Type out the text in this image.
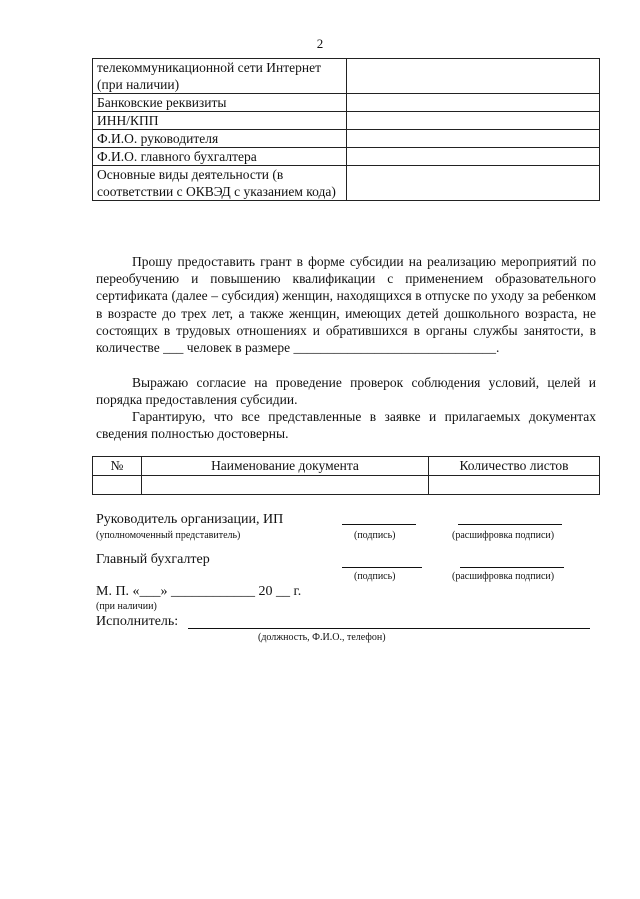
2
телекоммуникационной сети Интернет (при наличии)	
Банковские реквизиты	
ИНН/КПП	
Ф.И.О. руководителя	
Ф.И.О. главного бухгалтера	
Основные виды деятельности (в соответствии с ОКВЭД с указанием кода)	
Прошу предоставить грант в форме субсидии на реализацию мероприятий по переобучению и повышению квалификации с применением образовательного сертификата (далее – субсидия) женщин, находящихся в отпуске по уходу за ребенком в возрасте до трех лет, а также женщин, имеющих детей дошкольного возраста, не состоящих в трудовых отношениях и обратившихся в органы службы занятости, в количестве ___ человек в размере ______________________________.
Выражаю согласие на проведение проверок соблюдения условий, целей и порядка предоставления субсидии.
Гарантирую, что все представленные в заявке и прилагаемых документах сведения полностью достоверны.
№	Наименование документа	Количество листов

Руководитель организации, ИП
(уполномоченный представитель)	(подпись)	(расшифровка подписи)
Главный бухгалтер
(подпись)	(расшифровка подписи)
М. П. «___» ____________ 20 __ г.
(при наличии)
Исполнитель:
(должность, Ф.И.О., телефон)
